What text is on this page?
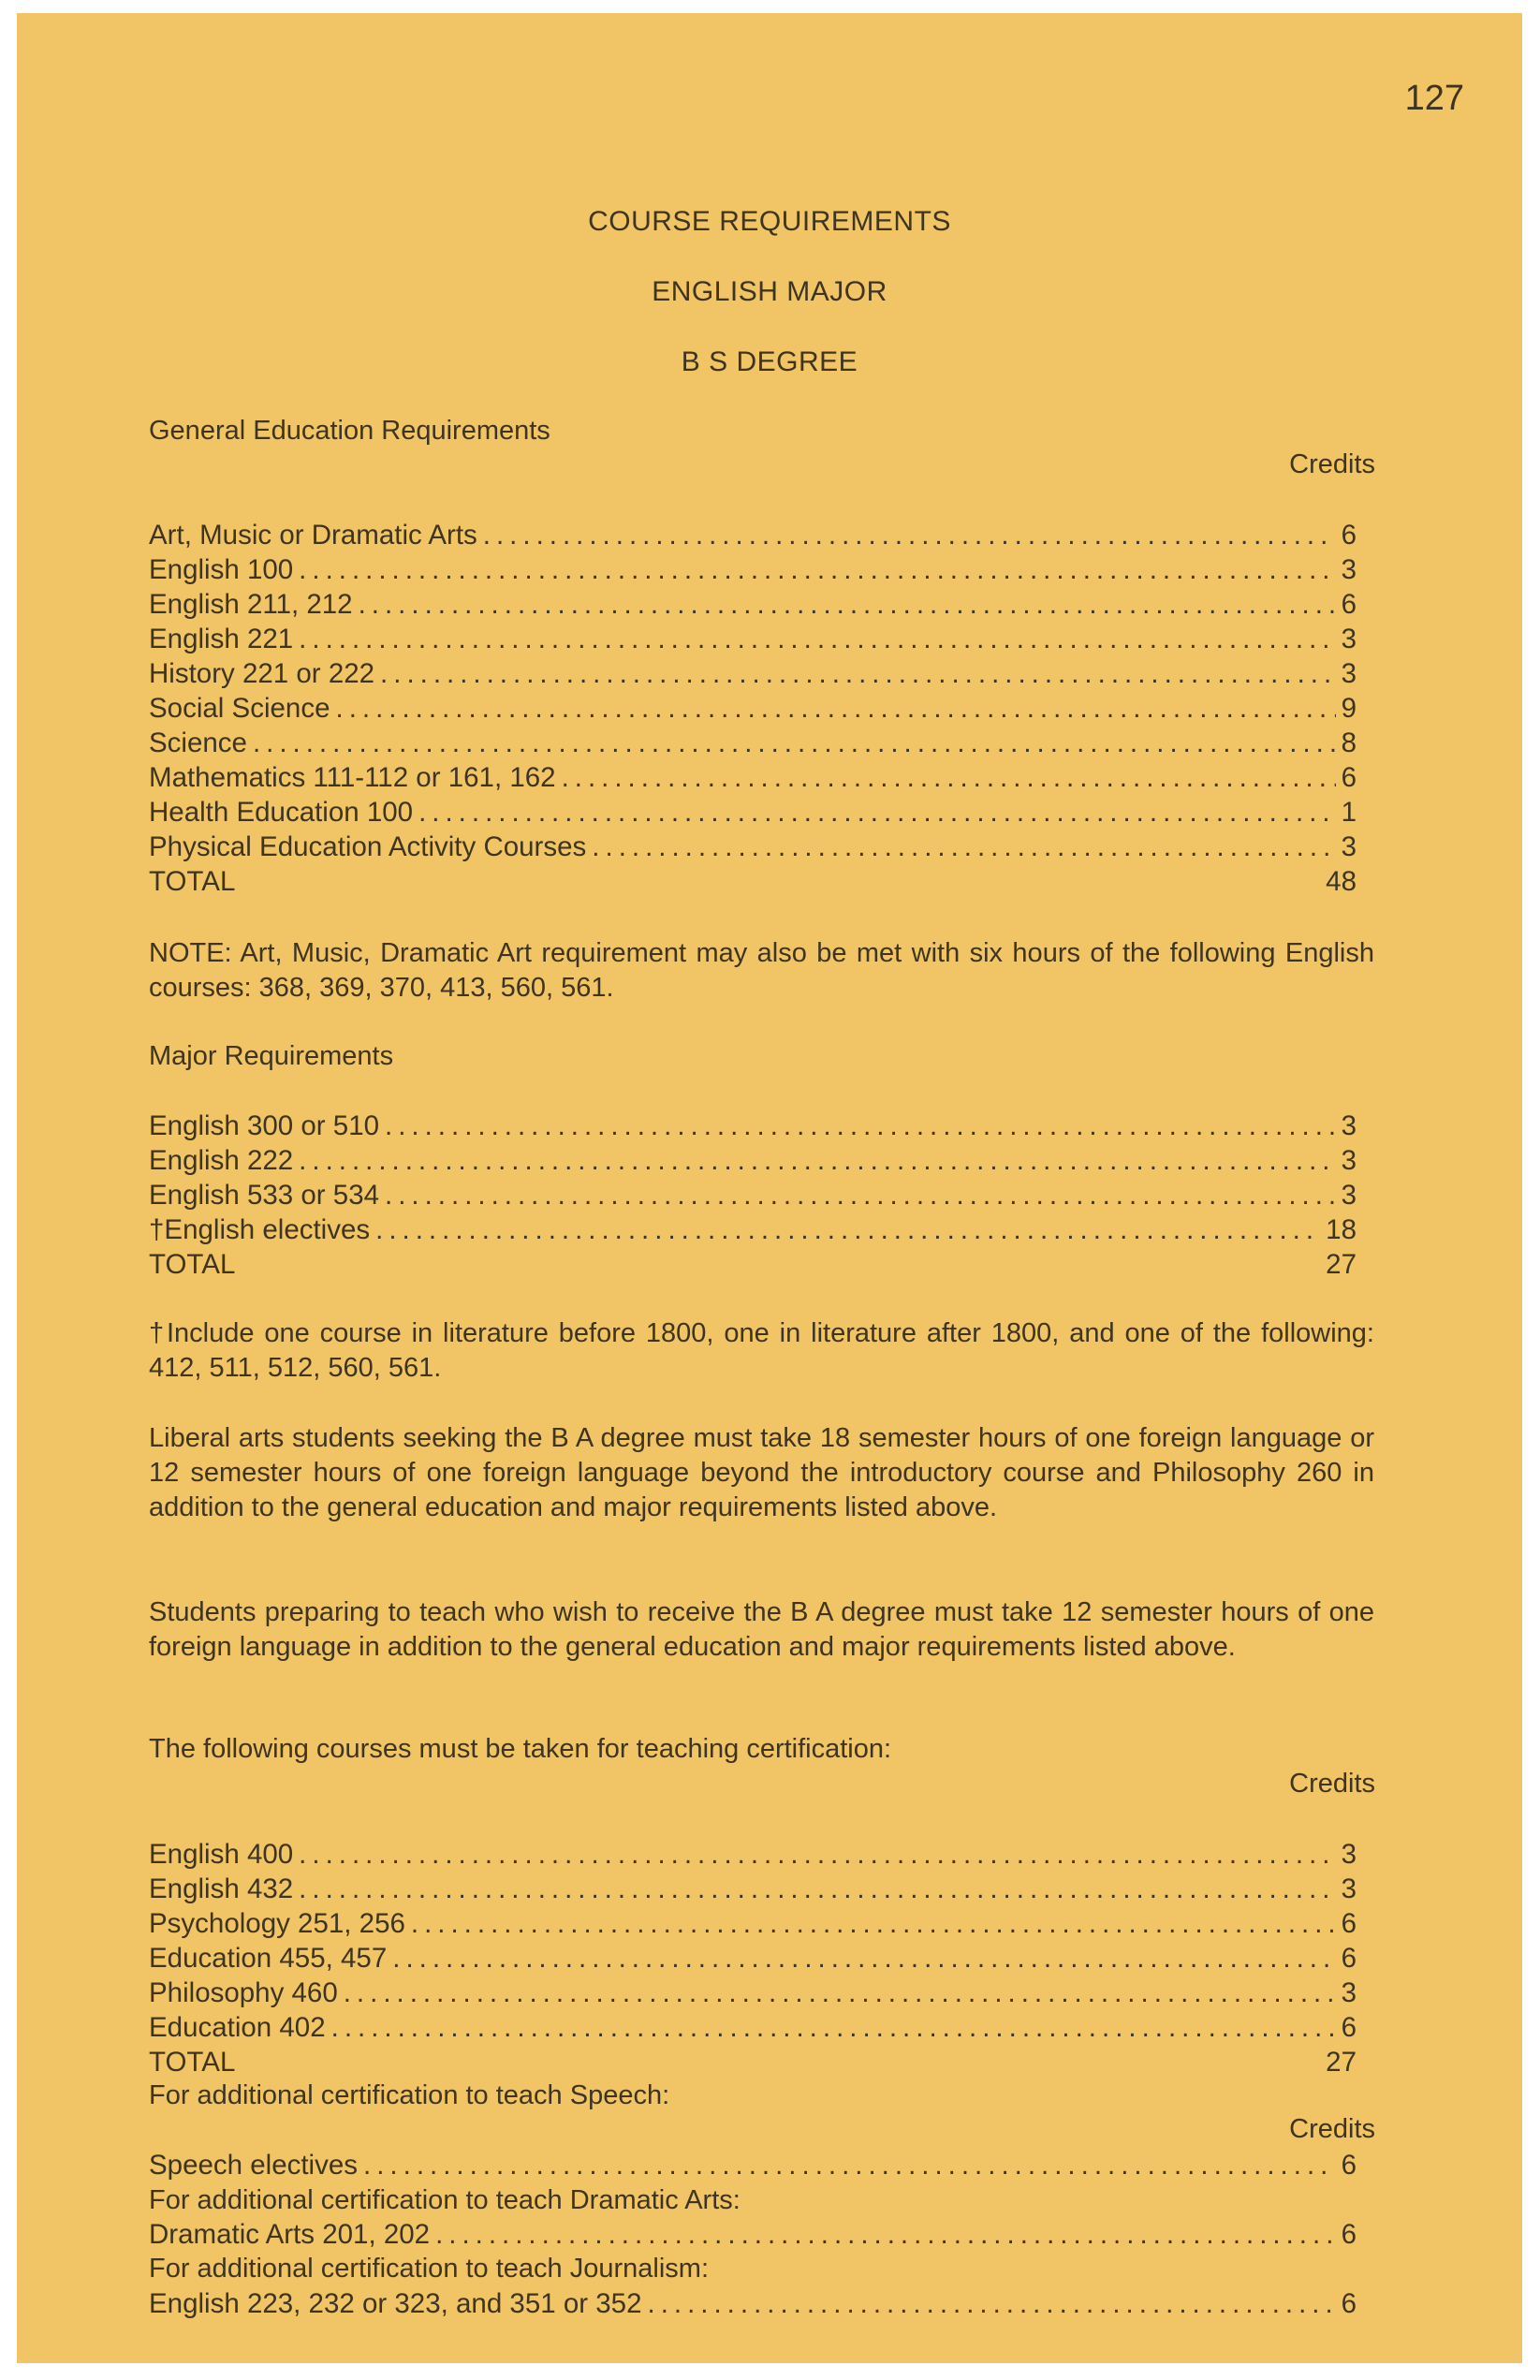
127
COURSE REQUIREMENTS
ENGLISH MAJOR
B S DEGREE
General Education Requirements
Credits
Art, Music or Dramatic Arts .....	6
English 100 .....	3
English 211, 212 .....	6
English 221 .....	3
History 221 or 222 .....	3
Social Science .....	9
Science .....	8
Mathematics 111-112 or 161, 162 .....	6
Health Education 100 .....	1
Physical Education Activity Courses .....	3
TOTAL	48
NOTE: Art, Music, Dramatic Art requirement may also be met with six hours of the following English courses: 368, 369, 370, 413, 560, 561.
Major Requirements
English 300 or 510 .....	3
English 222 .....	3
English 533 or 534 .....	3
†English electives .....	18
TOTAL	27
†Include one course in literature before 1800, one in literature after 1800, and one of the following: 412, 511, 512, 560, 561.
Liberal arts students seeking the B A degree must take 18 semester hours of one foreign language or 12 semester hours of one foreign language beyond the introductory course and Philosophy 260 in addition to the general education and major requirements listed above.
Students preparing to teach who wish to receive the B A degree must take 12 semester hours of one foreign language in addition to the general education and major requirements listed above.
The following courses must be taken for teaching certification:
Credits
English 400 .....	3
English 432 .....	3
Psychology 251, 256 .....	6
Education 455, 457 .....	6
Philosophy 460 .....	3
Education 402 .....	6
TOTAL	27
For additional certification to teach Speech:
Credits
Speech electives .....	6
For additional certification to teach Dramatic Arts:
Dramatic Arts 201, 202 .....	6
For additional certification to teach Journalism:
English 223, 232 or 323, and 351 or 352 .....	6
